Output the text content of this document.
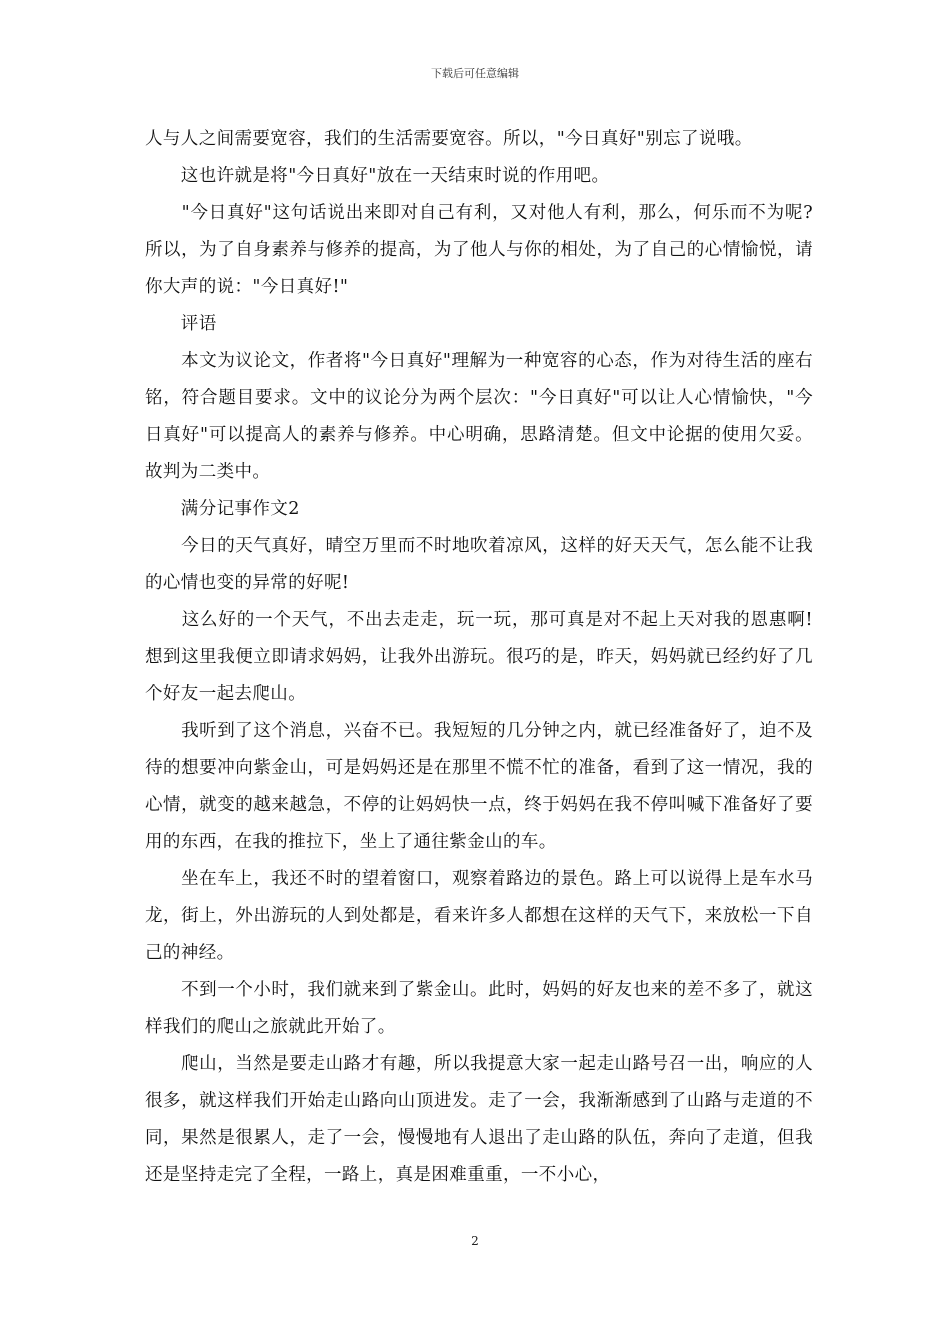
下载后可任意编辑

人与人之间需要宽容，我们的生活需要宽容。所以，"今日真好"别忘了说哦。

　　这也许就是将"今日真好"放在一天结束时说的作用吧。

　　"今日真好"这句话说出来即对自己有利，又对他人有利，那么，何乐而不为呢?所以，为了自身素养与修养的提高，为了他人与你的相处，为了自己的心情愉悦，请你大声的说："今日真好!"

　　评语

　　本文为议论文，作者将"今日真好"理解为一种宽容的心态，作为对待生活的座右铭，符合题目要求。文中的议论分为两个层次："今日真好"可以让人心情愉快，"今日真好"可以提高人的素养与修养。中心明确，思路清楚。但文中论据的使用欠妥。故判为二类中。

　　满分记事作文2

　　今日的天气真好，晴空万里而不时地吹着凉风，这样的好天天气，怎么能不让我的心情也变的异常的好呢!

　　这么好的一个天气，不出去走走，玩一玩，那可真是对不起上天对我的恩惠啊!想到这里我便立即请求妈妈，让我外出游玩。很巧的是，昨天，妈妈就已经约好了几个好友一起去爬山。

　　我听到了这个消息，兴奋不已。我短短的几分钟之内，就已经准备好了，迫不及待的想要冲向紫金山，可是妈妈还是在那里不慌不忙的准备，看到了这一情况，我的心情，就变的越来越急，不停的让妈妈快一点，终于妈妈在我不停叫喊下准备好了要用的东西，在我的推拉下，坐上了通往紫金山的车。

　　坐在车上，我还不时的望着窗口，观察着路边的景色。路上可以说得上是车水马龙，街上，外出游玩的人到处都是，看来许多人都想在这样的天气下，来放松一下自己的神经。

　　不到一个小时，我们就来到了紫金山。此时，妈妈的好友也来的差不多了，就这样我们的爬山之旅就此开始了。

　　爬山，当然是要走山路才有趣，所以我提意大家一起走山路号召一出，响应的人很多，就这样我们开始走山路向山顶进发。走了一会，我渐渐感到了山路与走道的不同，果然是很累人，走了一会，慢慢地有人退出了走山路的队伍，奔向了走道，但我还是坚持走完了全程，一路上，真是困难重重，一不小心，

2
